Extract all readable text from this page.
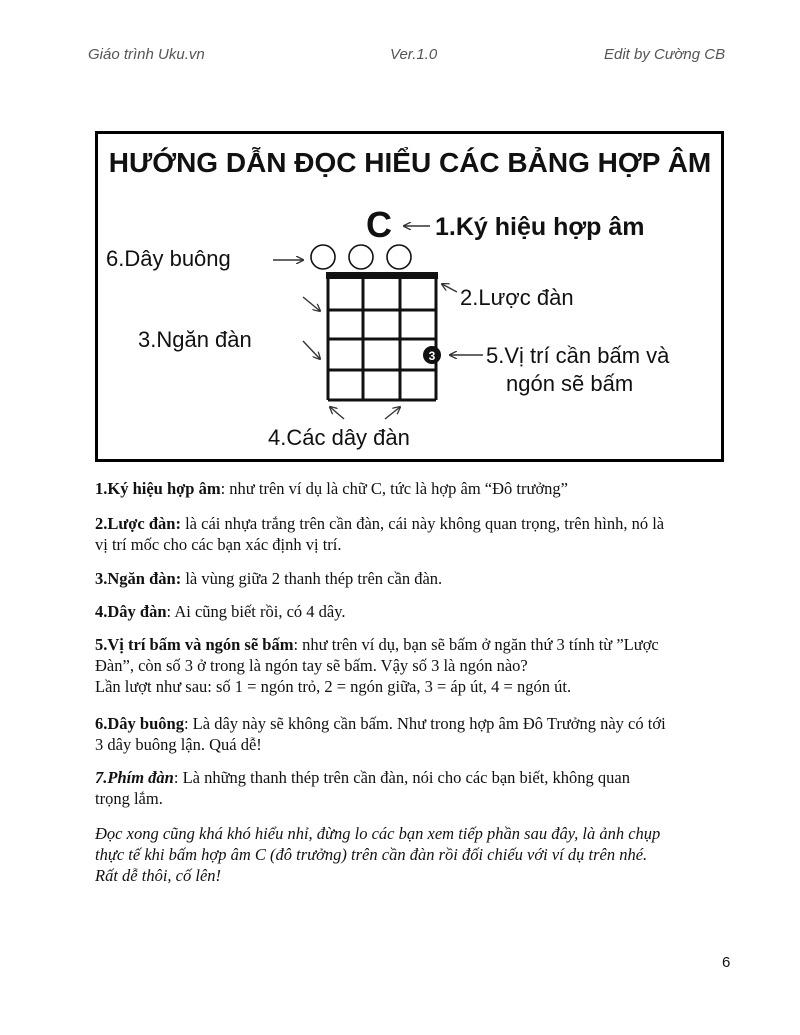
Giáo trình Uku.vn	Ver.1.0	Edit by Cường CB
HƯỚNG DẪN ĐỌC HIỂU CÁC BẢNG HỢP ÂM
C 1.Ký hiệu hợp âm
6.Dây buông
2.Lược đàn
3.Ngăn đàn
3 5.Vị trí cần bấm và
ngón sẽ bấm
4.Các dây đàn

1.Ký hiệu hợp âm: như trên ví dụ là chữ C, tức là hợp âm “Đô trưởng”

2.Lược đàn: là cái nhựa trắng trên cần đàn, cái này không quan trọng, trên hình, nó là
vị trí mốc cho các bạn xác định vị trí.

3.Ngăn đàn: là vùng giữa 2 thanh thép trên cần đàn.

4.Dây đàn: Ai cũng biết rồi, có 4 dây.

5.Vị trí bấm và ngón sẽ bấm: như trên ví dụ, bạn sẽ bấm ở ngăn thứ 3 tính từ ”Lược
Đàn”, còn số 3 ở trong là ngón tay sẽ bấm. Vậy số 3 là ngón nào?
Lần lượt như sau: số 1 = ngón trỏ, 2 = ngón giữa, 3 = áp út, 4 = ngón út.

6.Dây buông: Là dây này sẽ không cần bấm. Như trong hợp âm Đô Trưởng này có tới
3 dây buông lận. Quá dễ!

7.Phím đàn: Là những thanh thép trên cần đàn, nói cho các bạn biết, không quan
trọng lắm.

Đọc xong cũng khá khó hiểu nhỉ, đừng lo các bạn xem tiếp phần sau đây, là ảnh chụp
thực tế khi bấm hợp âm C (đô trưởng) trên cần đàn rồi đối chiếu với ví dụ trên nhé.
Rất dễ thôi, cố lên!

6
